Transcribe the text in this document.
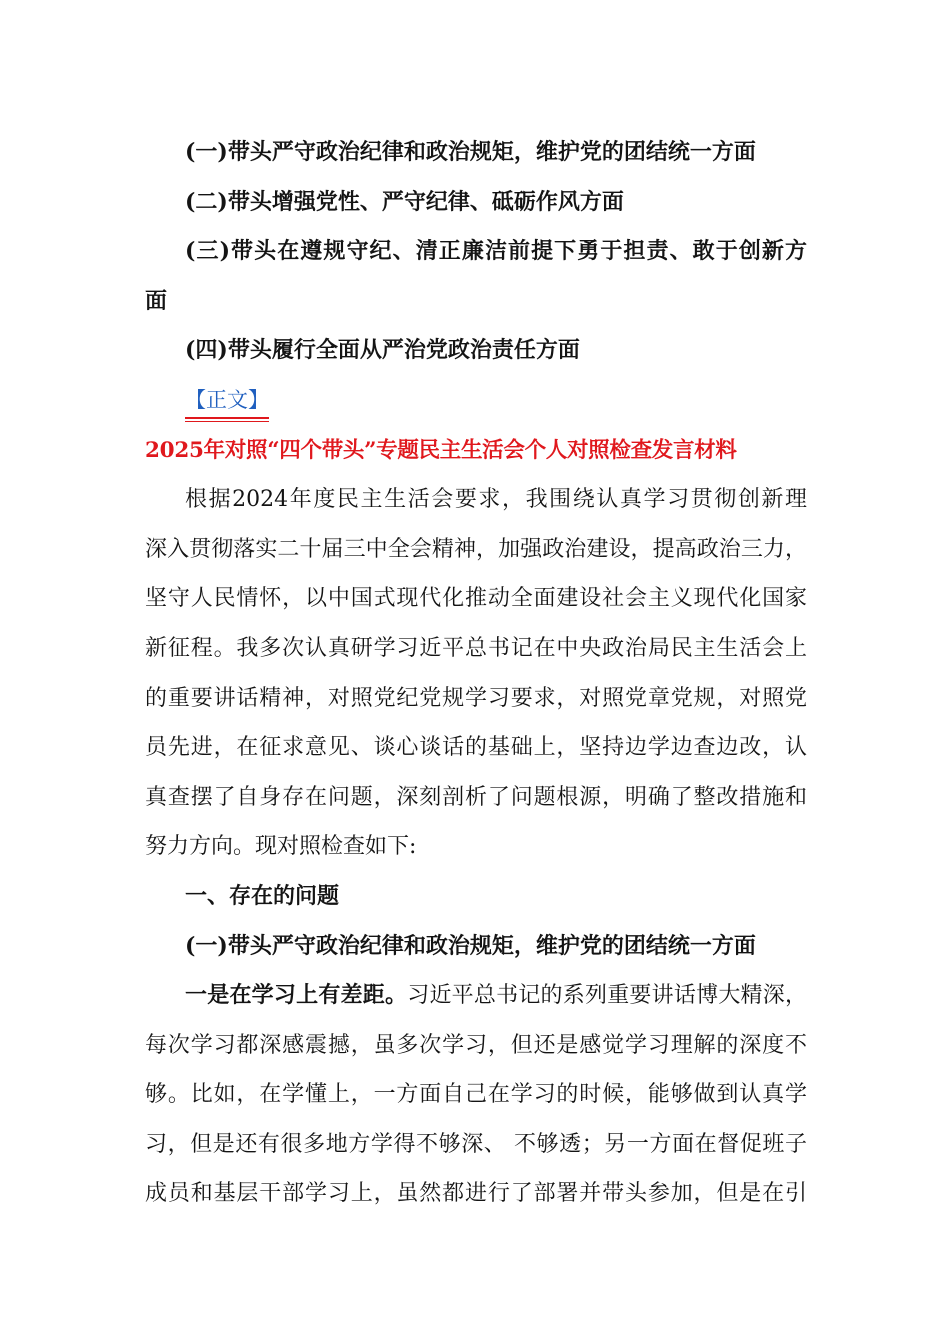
(一)带头严守政治纪律和政治规矩，维护党的团结统一方面

(二)带头增强党性、严守纪律、砥砺作风方面

(三)带头在遵规守纪、清正廉洁前提下勇于担责、敢于创新方

面

(四)带头履行全面从严治党政治责任方面

【正文】

2025年对照“四个带头”专题民主生活会个人对照检查发言材料

根据2024年度民主生活会要求，我围绕认真学习贯彻创新理

深入贯彻落实二十届三中全会精神，加强政治建设，提高政治三力，

坚守人民情怀，以中国式现代化推动全面建设社会主义现代化国家

新征程。我多次认真研学习近平总书记在中央政治局民主生活会上

的重要讲话精神，对照党纪党规学习要求，对照党章党规，对照党

员先进，在征求意见、谈心谈话的基础上，坚持边学边查边改，认

真查摆了自身存在问题，深刻剖析了问题根源，明确了整改措施和

努力方向。现对照检查如下:

一、存在的问题

(一)带头严守政治纪律和政治规矩，维护党的团结统一方面

一是在学习上有差距。习近平总书记的系列重要讲话博大精深，

每次学习都深感震撼，虽多次学习，但还是感觉学习理解的深度不

够。比如，在学懂上，一方面自己在学习的时候，能够做到认真学

习，但是还有很多地方学得不够深、 不够透；另一方面在督促班子

成员和基层干部学习上，虽然都进行了部署并带头参加，但是在引
